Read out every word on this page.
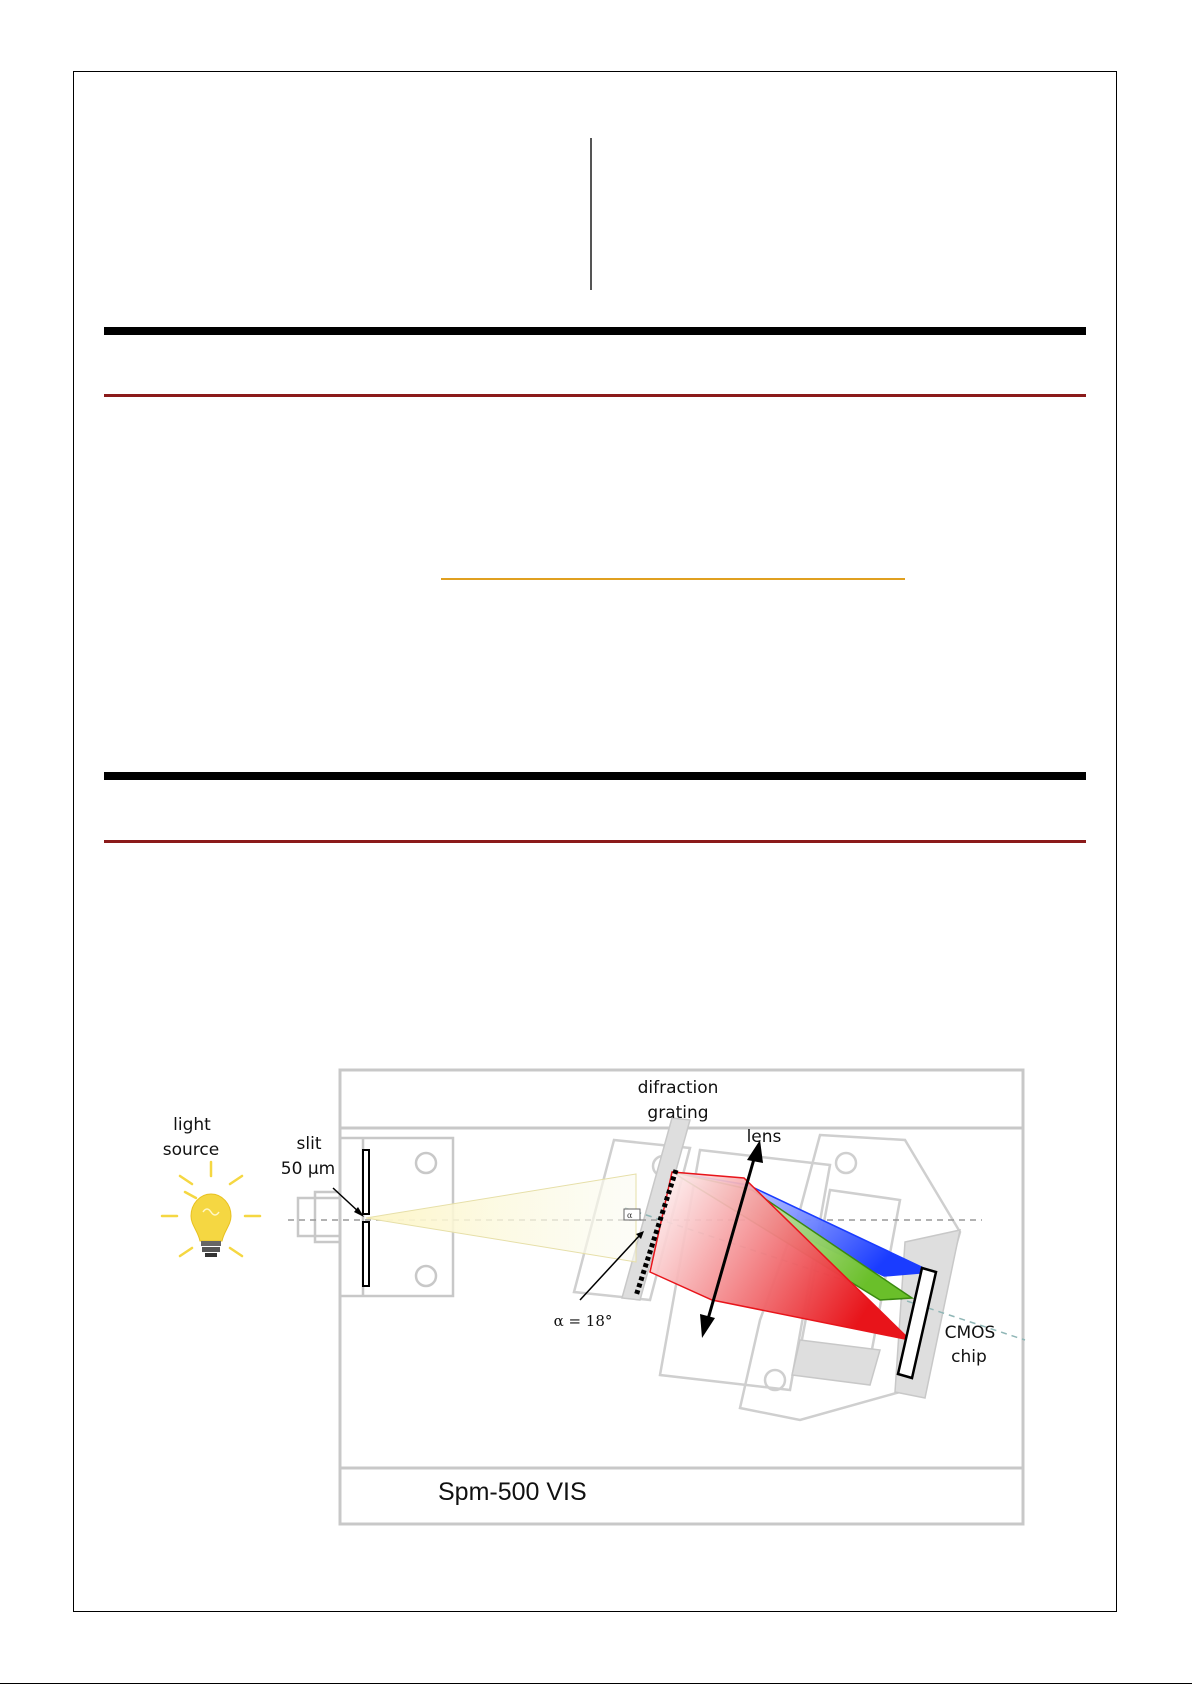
α
light
source	slit
50 µm
difraction
grating
lens
α = 18°
CMOS
chip
Spm-500 VIS
